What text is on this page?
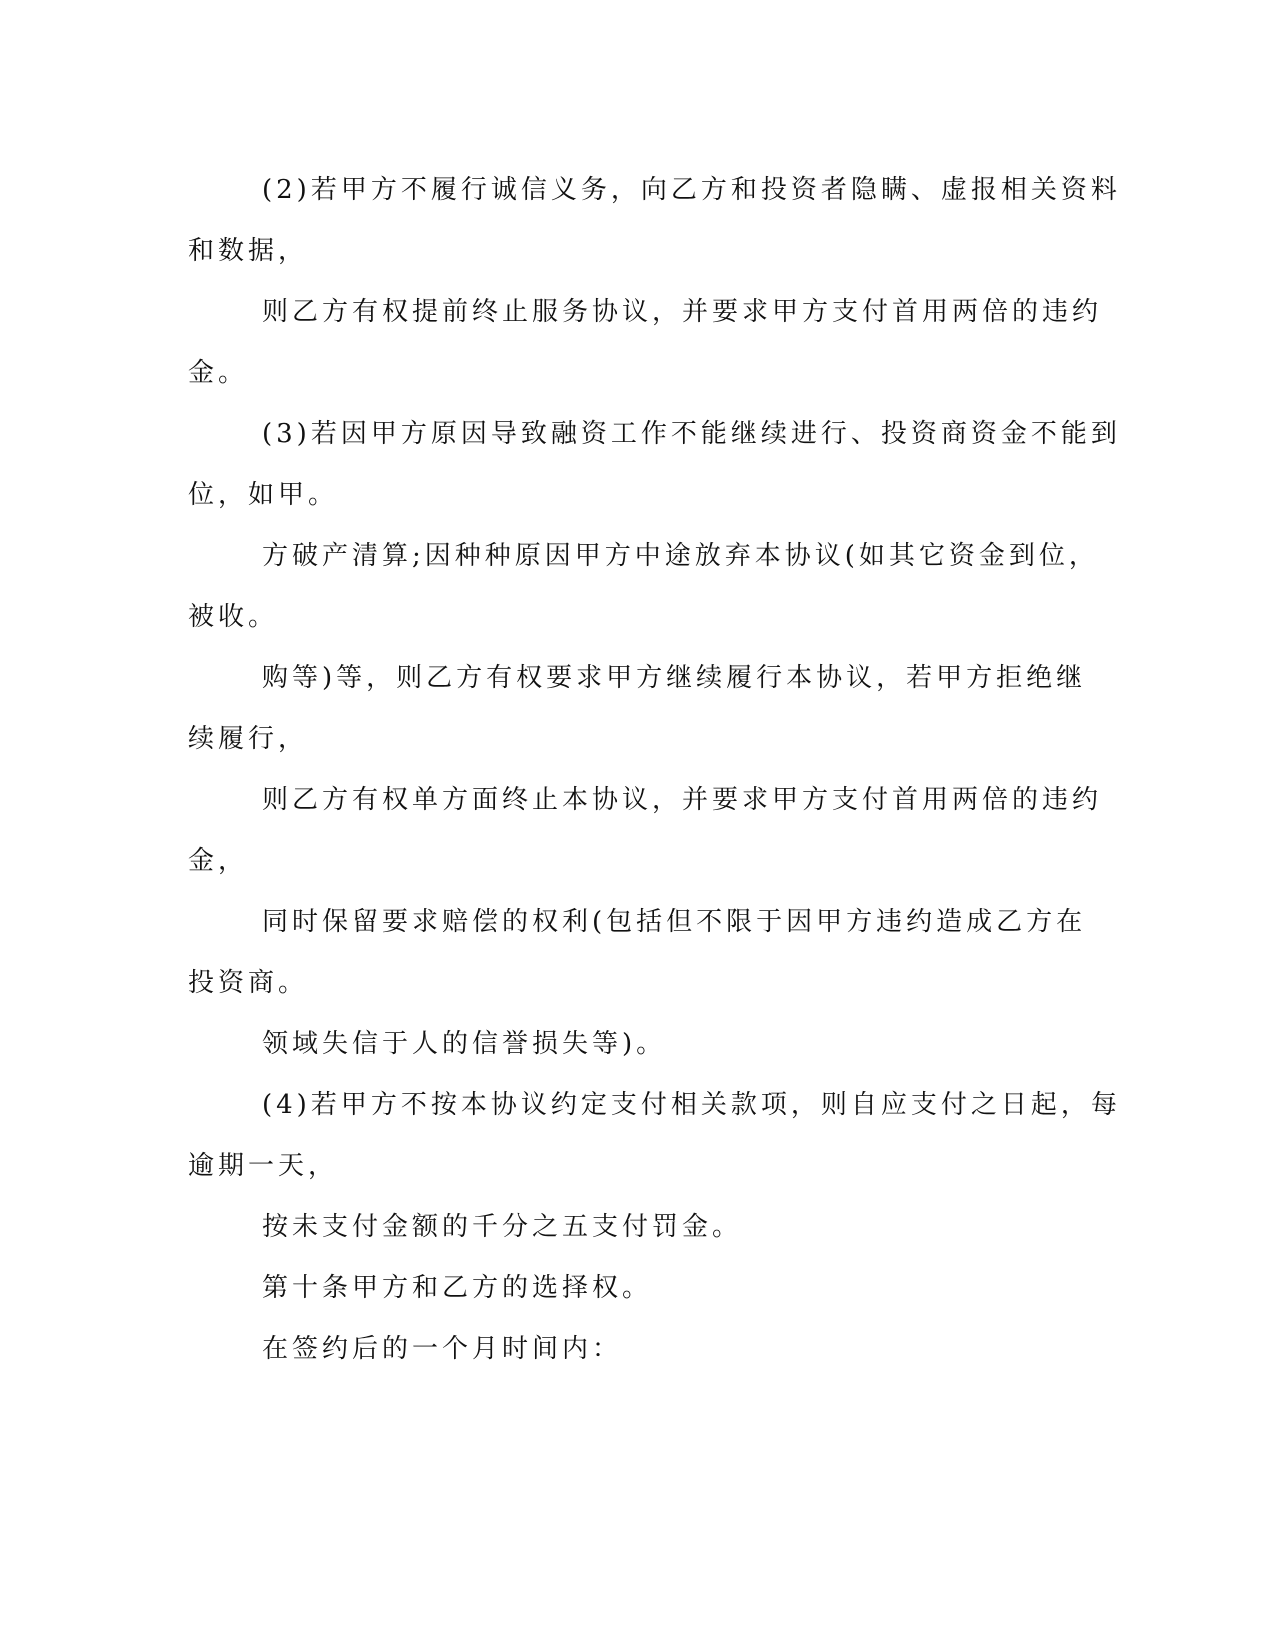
(2)若甲方不履行诚信义务，向乙方和投资者隐瞒、虚报相关资料
和数据，
则乙方有权提前终止服务协议，并要求甲方支付首用两倍的违约
金。
(3)若因甲方原因导致融资工作不能继续进行、投资商资金不能到
位，如甲。
方破产清算;因种种原因甲方中途放弃本协议(如其它资金到位，
被收。
购等)等，则乙方有权要求甲方继续履行本协议，若甲方拒绝继
续履行，
则乙方有权单方面终止本协议，并要求甲方支付首用两倍的违约
金，
同时保留要求赔偿的权利(包括但不限于因甲方违约造成乙方在
投资商。
领域失信于人的信誉损失等)。
(4)若甲方不按本协议约定支付相关款项，则自应支付之日起，每
逾期一天，
按未支付金额的千分之五支付罚金。
第十条甲方和乙方的选择权。
在签约后的一个月时间内：
